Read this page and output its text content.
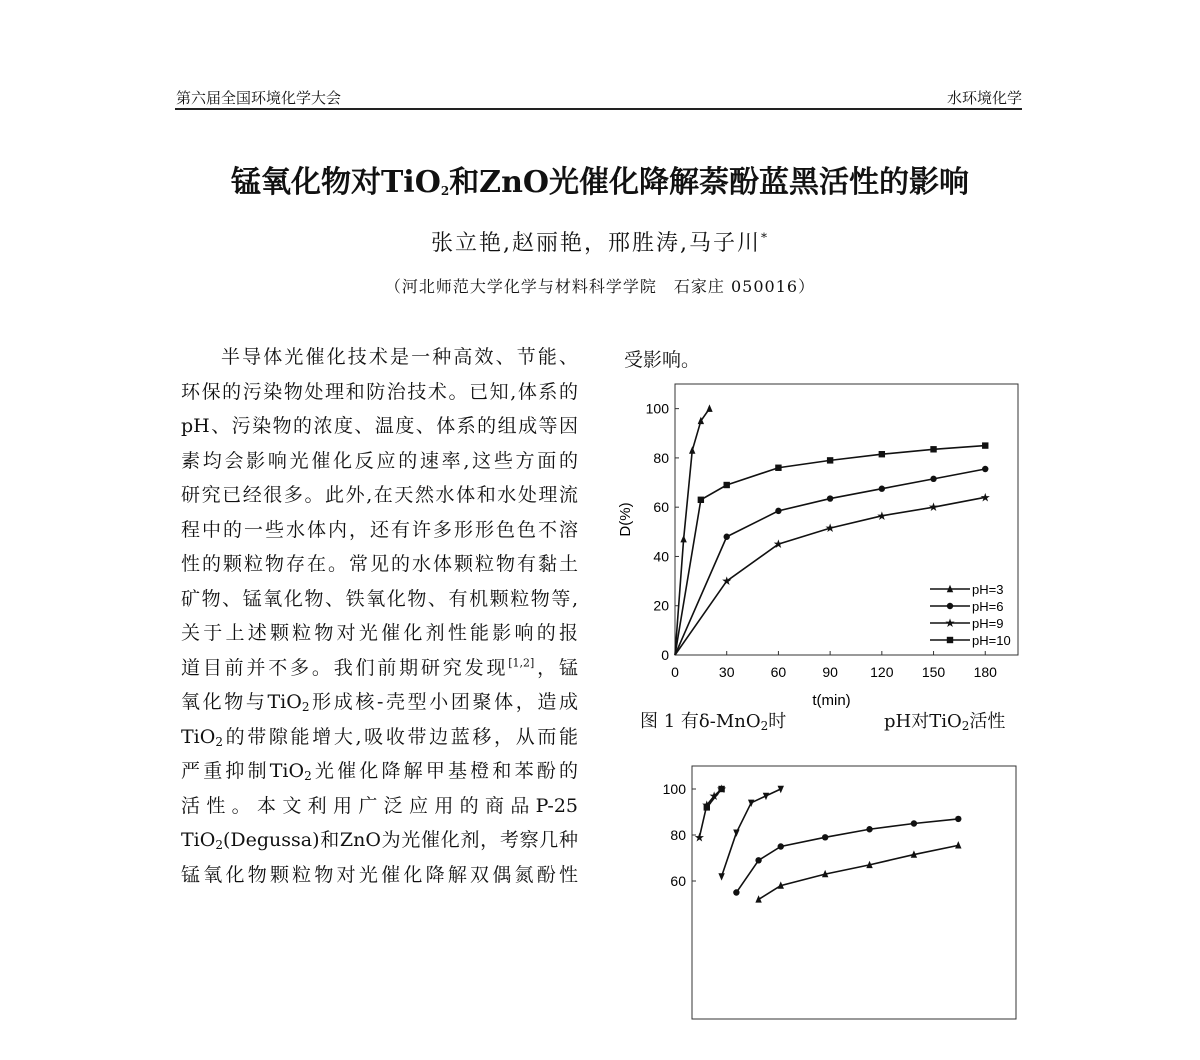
第六届全国环境化学大会	水环境化学
锰氧化物对TiO$_2$和ZnO光催化降解萘酚蓝黑活性的影响
张立艳,赵丽艳，邢胜涛,马子川*
（河北师范大学化学与材料科学学院　石家庄 050016）
半导体光催化技术是一种高效、节能、
环保的污染物处理和防治技术。已知,体系的
pH、污染物的浓度、温度、体系的组成等因
素均会影响光催化反应的速率,这些方面的
研究已经很多。此外,在天然水体和水处理流
程中的一些水体内，还有许多形形色色不溶
性的颗粒物存在。常见的水体颗粒物有黏土
矿物、锰氧化物、铁氧化物、有机颗粒物等,
关于上述颗粒物对光催化剂性能影响的报
道目前并不多。我们前期研究发现[1,2]，锰
氧化物与TiO$_2$形成核-壳型小团聚体，造成
TiO$_2$的带隙能增大,吸收带边蓝移，从而能
严重抑制TiO$_2$光催化降解甲基橙和苯酚的
活性。本文利用广泛应用的商品P-25
TiO$_2$(Degussa)和ZnO为光催化剂，考察几种
锰氧化物颗粒物对光催化降解双偶氮酚性
受影响。
0
20
40
60
80
100
0	30	60	90 120 150 180
t(min)
D(%)
★
★
★
★
★
★
pH=3
pH=6
★ pH=9
pH=10
图 1 有δ-MnO$_2$时	pH对TiO$_2$活性
60
80
100
★
★
★
★
